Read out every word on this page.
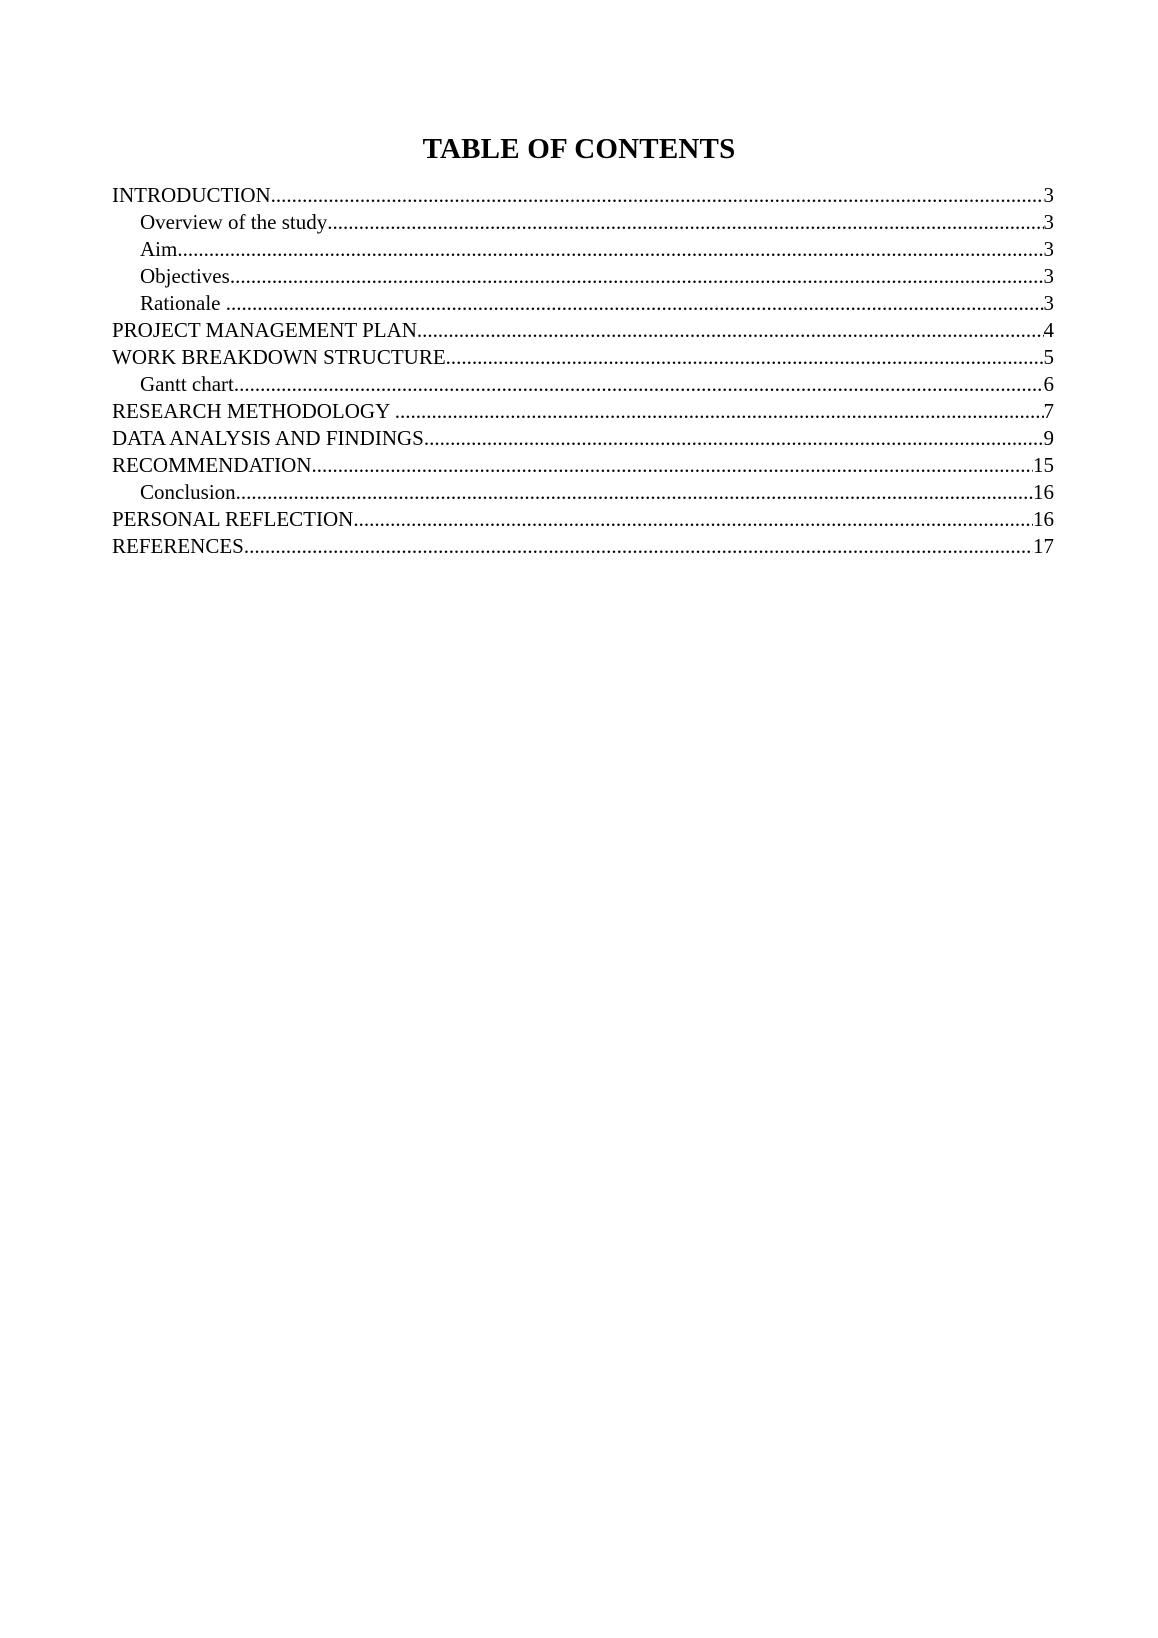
TABLE OF CONTENTS
INTRODUCTION .....	3
Overview of the study .....	3
Aim .....	3
Objectives .....	3
Rationale .....	3
PROJECT MANAGEMENT PLAN .....	4
WORK BREAKDOWN STRUCTURE .....	5
Gantt chart .....	6
RESEARCH METHODOLOGY .....	7
DATA ANALYSIS AND FINDINGS .....	9
RECOMMENDATION .....	15
Conclusion .....	16
PERSONAL REFLECTION .....	16
REFERENCES .....	17
